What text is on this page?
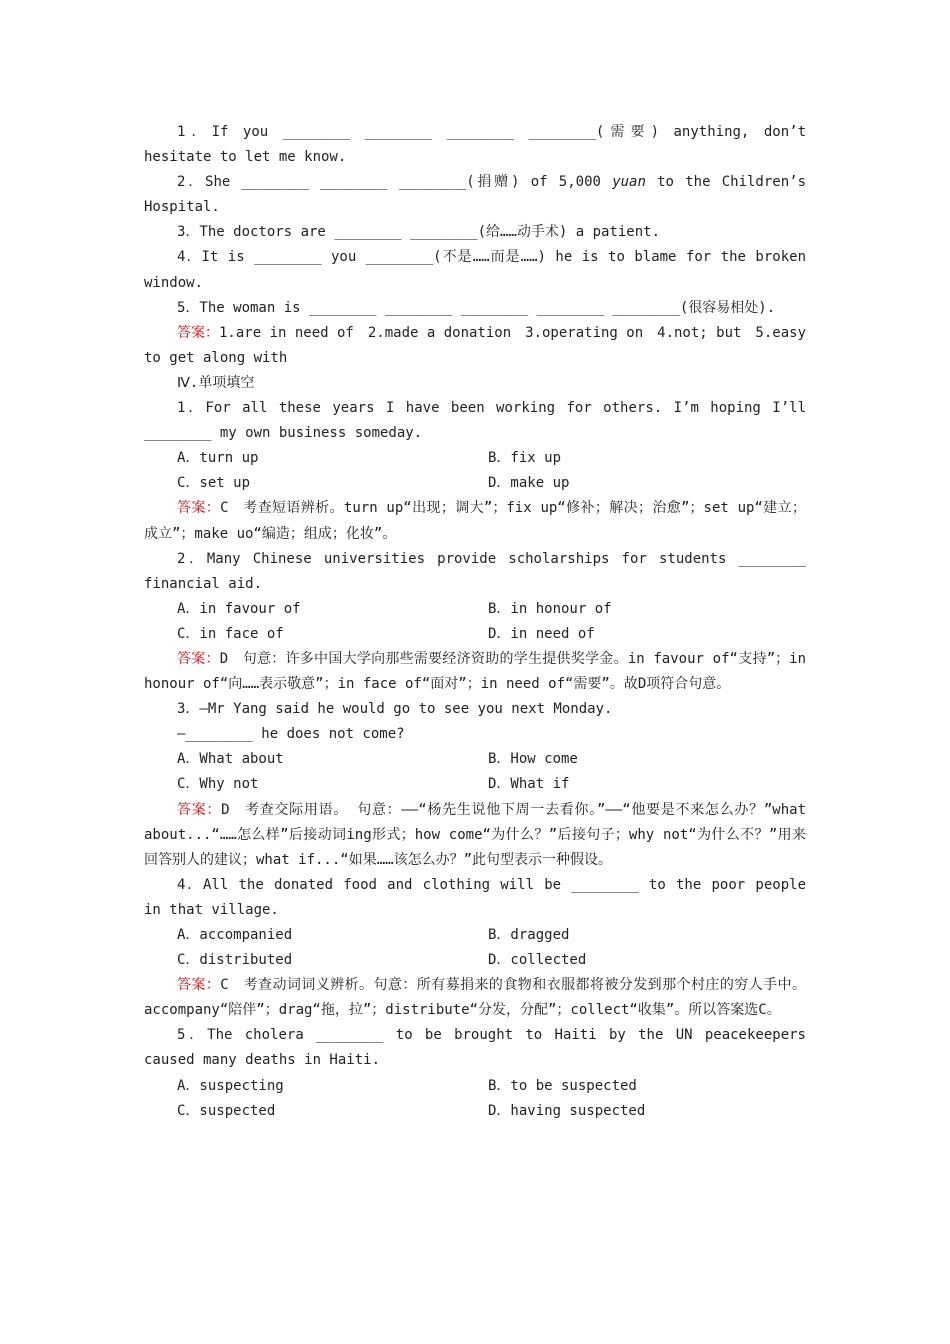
1．If you ________ ________ ________ ________(需要) anything, don’t hesitate to let me know.

2．She ________ ________ ________(捐赠) of 5,000 yuan to the Children’s Hospital.

3．The doctors are ________ ________(给……动手术) a patient.

4．It is ________ you ________(不是……而是……) he is to blame for the broken window.

5．The woman is ________ ________ ________ ________ ________(很容易相处).

答案：1.are in need of　2.made a donation　3.operating on　4.not; but　5.easy to get along with

Ⅳ.单项填空

1．For all these years I have been working for others. I’m hoping I’ll ________ my own business someday.

A．turn up	B．fix up
C．set up	D．make up

答案：C　考查短语辨析。turn up“出现；调大”；fix up“修补；解决；治愈”；set up“建立；成立”；make uo“编造；组成；化妆”。

2．Many Chinese universities provide scholarships for students ________ financial aid.

A．in favour of	B．in honour of
C．in face of	D．in need of

答案：D　句意：许多中国大学向那些需要经济资助的学生提供奖学金。in favour of“支持”；in honour of“向……表示敬意”；in face of“面对”；in need of“需要”。故D项符合句意。

3．—Mr Yang said he would go to see you next Monday.

—________ he does not come?

A．What about	B．How come
C．Why not	D．What if

答案：D　考查交际用语。 句意：——“杨先生说他下周一去看你。”——“他要是不来怎么办？”what about...“……怎么样”后接动词ing形式；how come“为什么？”后接句子；why not“为什么不？”用来回答别人的建议；what if...“如果……该怎么办？”此句型表示一种假设。

4．All the donated food and clothing will be ________ to the poor people in that village.

A．accompanied	B．dragged
C．distributed	D．collected

答案：C　考查动词词义辨析。句意：所有募捐来的食物和衣服都将被分发到那个村庄的穷人手中。accompany“陪伴”；drag“拖，拉”；distribute“分发，分配”；collect“收集”。所以答案选C。

5．The cholera ________ to be brought to Haiti by the UN peacekeepers caused many deaths in Haiti.

A．suspecting	B．to be suspected
C．suspected	D．having suspected
